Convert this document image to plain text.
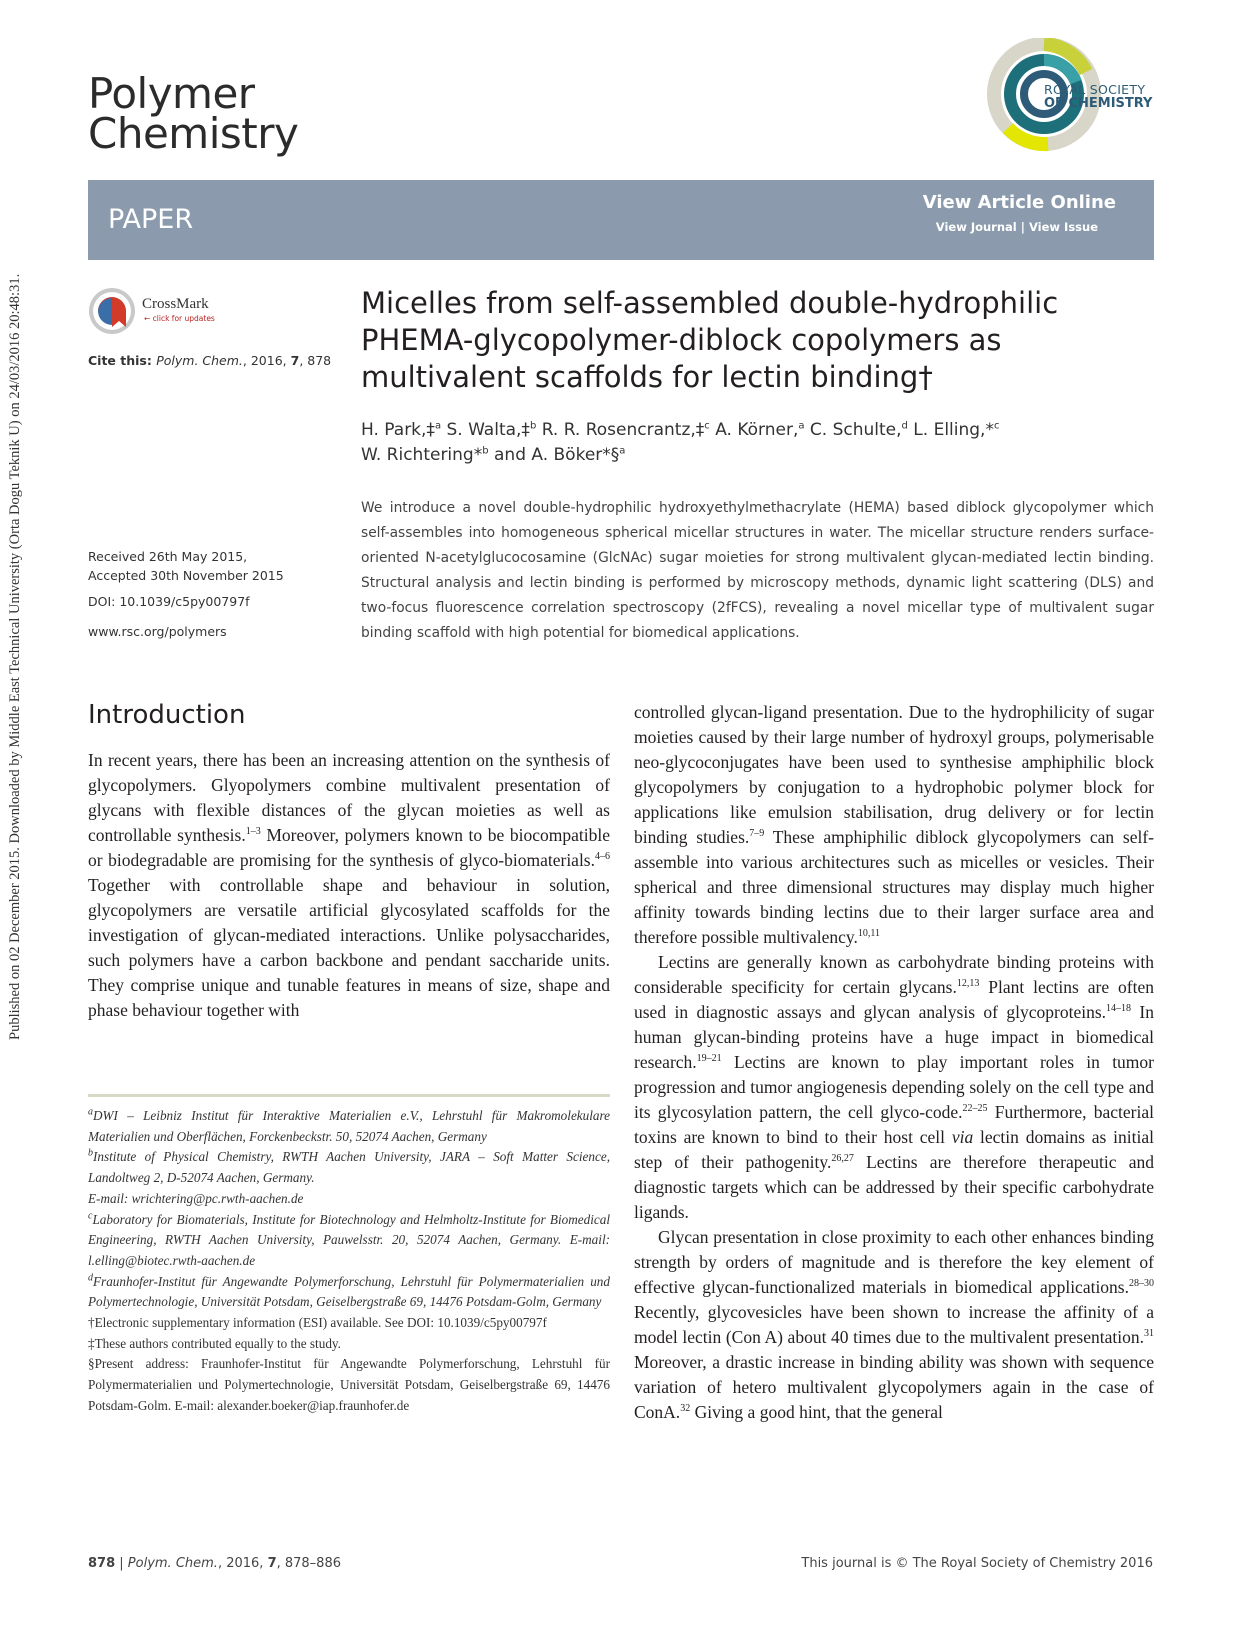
Published on 02 December 2015. Downloaded by Middle East Technical University (Orta Dogu Teknik U) on 24/03/2016 20:48:31.
Polymer
Chemistry
ROYAL SOCIETY
OF CHEMISTRY
PAPER
View Article Online
View Journal | View Issue
CrossMark
← click for updates
Cite this: Polym. Chem., 2016, 7, 878
Micelles from self-assembled double-hydrophilic
PHEMA-glycopolymer-diblock copolymers as
multivalent scaffolds for lectin binding†
H. Park,‡$^a$ S. Walta,‡$^b$ R. R. Rosencrantz,‡$^c$ A. Körner,$^a$ C. Schulte,$^d$ L. Elling,*$^c$
W. Richtering*$^b$ and A. Böker*§$^a$
Received 26th May 2015,
Accepted 30th November 2015
DOI: 10.1039/c5py00797f
www.rsc.org/polymers
We introduce a novel double-hydrophilic hydroxyethylmethacrylate (HEMA) based diblock glycopolymer which self-assembles into homogeneous spherical micellar structures in water. The micellar structure renders surface-oriented N-acetylglucocosamine (GlcNAc) sugar moieties for strong multivalent glycan-mediated lectin binding. Structural analysis and lectin binding is performed by microscopy methods, dynamic light scattering (DLS) and two-focus fluorescence correlation spectroscopy (2fFCS), revealing a novel micellar type of multivalent sugar binding scaffold with high potential for biomedical applications.
Introduction

In recent years, there has been an increasing attention on the synthesis of glycopolymers. Glyopolymers combine multivalent presentation of glycans with flexible distances of the glycan moieties as well as controllable synthesis.$^{1-3}$ Moreover, polymers known to be biocompatible or biodegradable are promising for the synthesis of glyco-biomaterials.$^{4-6}$ Together with controllable shape and behaviour in solution, glycopolymers are versatile artificial glycosylated scaffolds for the investigation of glycan-mediated interactions. Unlike polysaccharides, such polymers have a carbon backbone and pendant saccharide units. They comprise unique and tunable features in means of size, shape and phase behaviour together with

controlled glycan-ligand presentation. Due to the hydrophilicity of sugar moieties caused by their large number of hydroxyl groups, polymerisable neo-glycoconjugates have been used to synthesise amphiphilic block glycopolymers by conjugation to a hydrophobic polymer block for applications like emulsion stabilisation, drug delivery or for lectin binding studies.$^{7-9}$ These amphiphilic diblock glycopolymers can self-assemble into various architectures such as micelles or vesicles. Their spherical and three dimensional structures may display much higher affinity towards binding lectins due to their larger surface area and therefore possible multivalency.$^{10,11}$

Lectins are generally known as carbohydrate binding proteins with considerable specificity for certain glycans.$^{12,13}$ Plant lectins are often used in diagnostic assays and glycan analysis of glycoproteins.$^{14-18}$ In human glycan-binding proteins have a huge impact in biomedical research.$^{19-21}$ Lectins are known to play important roles in tumor progression and tumor angiogenesis depending solely on the cell type and its glycosylation pattern, the cell glyco-code.$^{22-25}$ Furthermore, bacterial toxins are known to bind to their host cell via lectin domains as initial step of their pathogenity.$^{26,27}$ Lectins are therefore therapeutic and diagnostic targets which can be addressed by their specific carbohydrate ligands.

Glycan presentation in close proximity to each other enhances binding strength by orders of magnitude and is therefore the key element of effective glycan-functionalized materials in biomedical applications.$^{28-30}$ Recently, glycovesicles have been shown to increase the affinity of a model lectin (Con A) about 40 times due to the multivalent presentation.$^{31}$ Moreover, a drastic increase in binding ability was shown with sequence variation of hetero multivalent glycopolymers again in the case of ConA.$^{32}$ Giving a good hint, that the general

$^a$DWI – Leibniz Institut für Interaktive Materialien e.V., Lehrstuhl für Makromolekulare Materialien und Oberflächen, Forckenbeckstr. 50, 52074 Aachen, Germany
$^b$Institute of Physical Chemistry, RWTH Aachen University, JARA – Soft Matter Science, Landoltweg 2, D-52074 Aachen, Germany.
E-mail: wrichtering@pc.rwth-aachen.de
$^c$Laboratory for Biomaterials, Institute for Biotechnology and Helmholtz-Institute for Biomedical Engineering, RWTH Aachen University, Pauwelsstr. 20, 52074 Aachen, Germany. E-mail: l.elling@biotec.rwth-aachen.de
$^d$Fraunhofer-Institut für Angewandte Polymerforschung, Lehrstuhl für Polymermaterialien und Polymertechnologie, Universität Potsdam, Geiselbergstraße 69, 14476 Potsdam-Golm, Germany
†Electronic supplementary information (ESI) available. See DOI: 10.1039/c5py00797f
‡These authors contributed equally to the study.
§Present address: Fraunhofer-Institut für Angewandte Polymerforschung, Lehrstuhl für Polymermaterialien und Polymertechnologie, Universität Potsdam, Geiselbergstraße 69, 14476 Potsdam-Golm. E-mail: alexander.boeker@iap.fraunhofer.de
878 | Polym. Chem., 2016, 7, 878–886	This journal is © The Royal Society of Chemistry 2016
